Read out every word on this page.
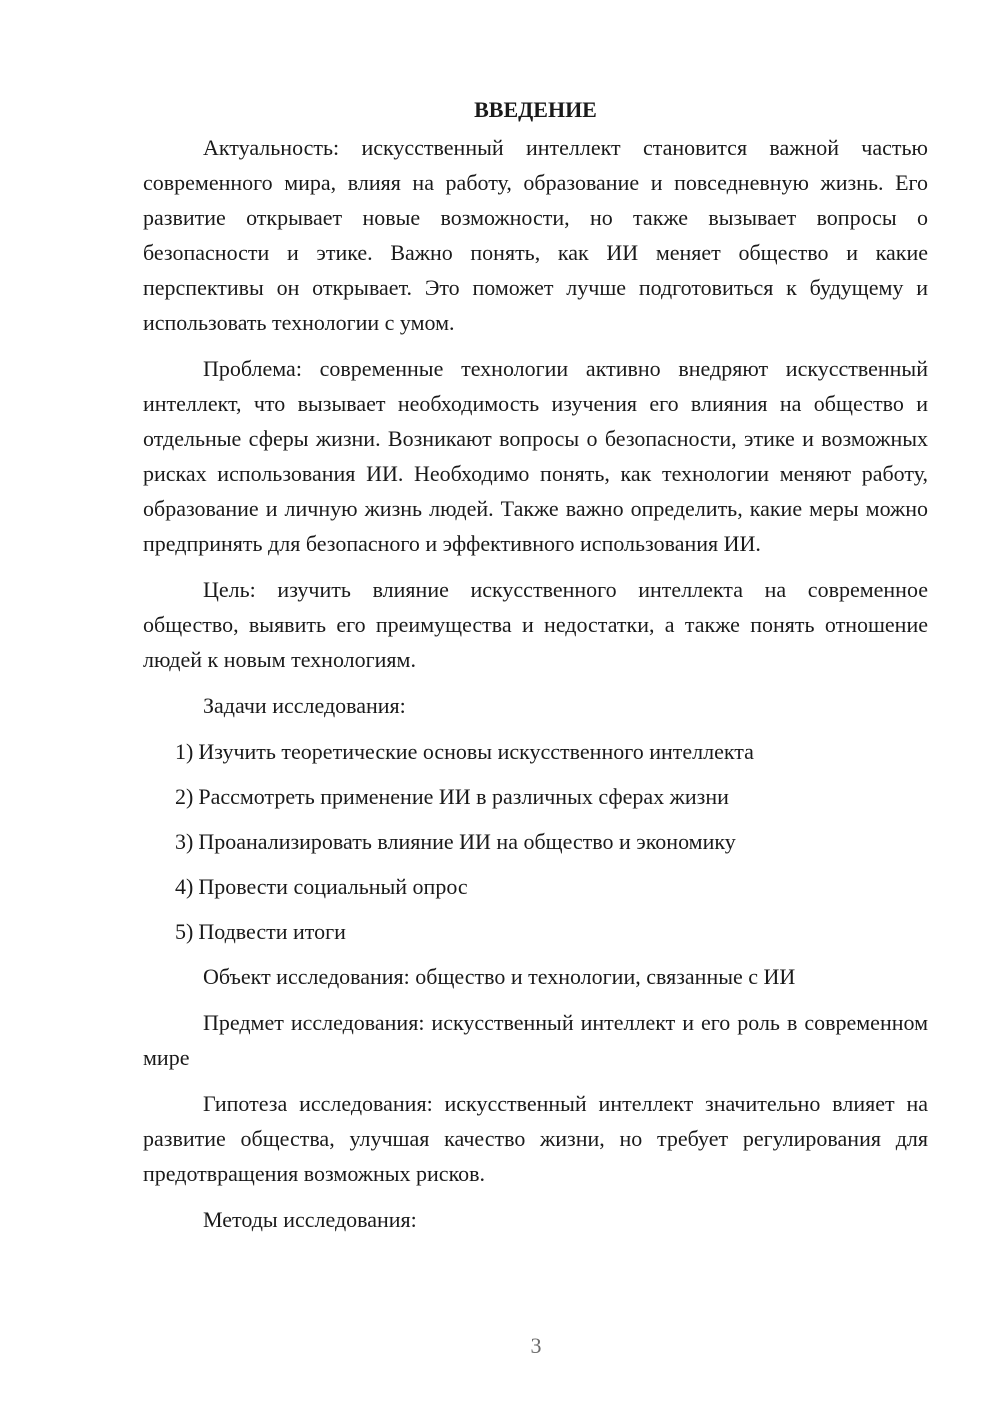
ВВЕДЕНИЕ

Актуальность: искусственный интеллект становится важной частью современного мира, влияя на работу, образование и повседневную жизнь. Его развитие открывает новые возможности, но также вызывает вопросы о безопасности и этике. Важно понять, как ИИ меняет общество и какие перспективы он открывает. Это поможет лучше подготовиться к будущему и использовать технологии с умом.

Проблема: современные технологии активно внедряют искусственный интеллект, что вызывает необходимость изучения его влияния на общество и отдельные сферы жизни. Возникают вопросы о безопасности, этике и возможных рисках использования ИИ. Необходимо понять, как технологии меняют работу, образование и личную жизнь людей. Также важно определить, какие меры можно предпринять для безопасного и эффективного использования ИИ.

Цель: изучить влияние искусственного интеллекта на современное общество, выявить его преимущества и недостатки, а также понять отношение людей к новым технологиям.

Задачи исследования:

1) Изучить теоретические основы искусственного интеллекта
2) Рассмотреть применение ИИ в различных сферах жизни
3) Проанализировать влияние ИИ на общество и экономику
4) Провести социальный опрос
5) Подвести итоги

Объект исследования: общество и технологии, связанные с ИИ

Предмет исследования: искусственный интеллект и его роль в современном мире

Гипотеза исследования: искусственный интеллект значительно влияет на развитие общества, улучшая качество жизни, но требует регулирования для предотвращения возможных рисков.

Методы исследования:

3
